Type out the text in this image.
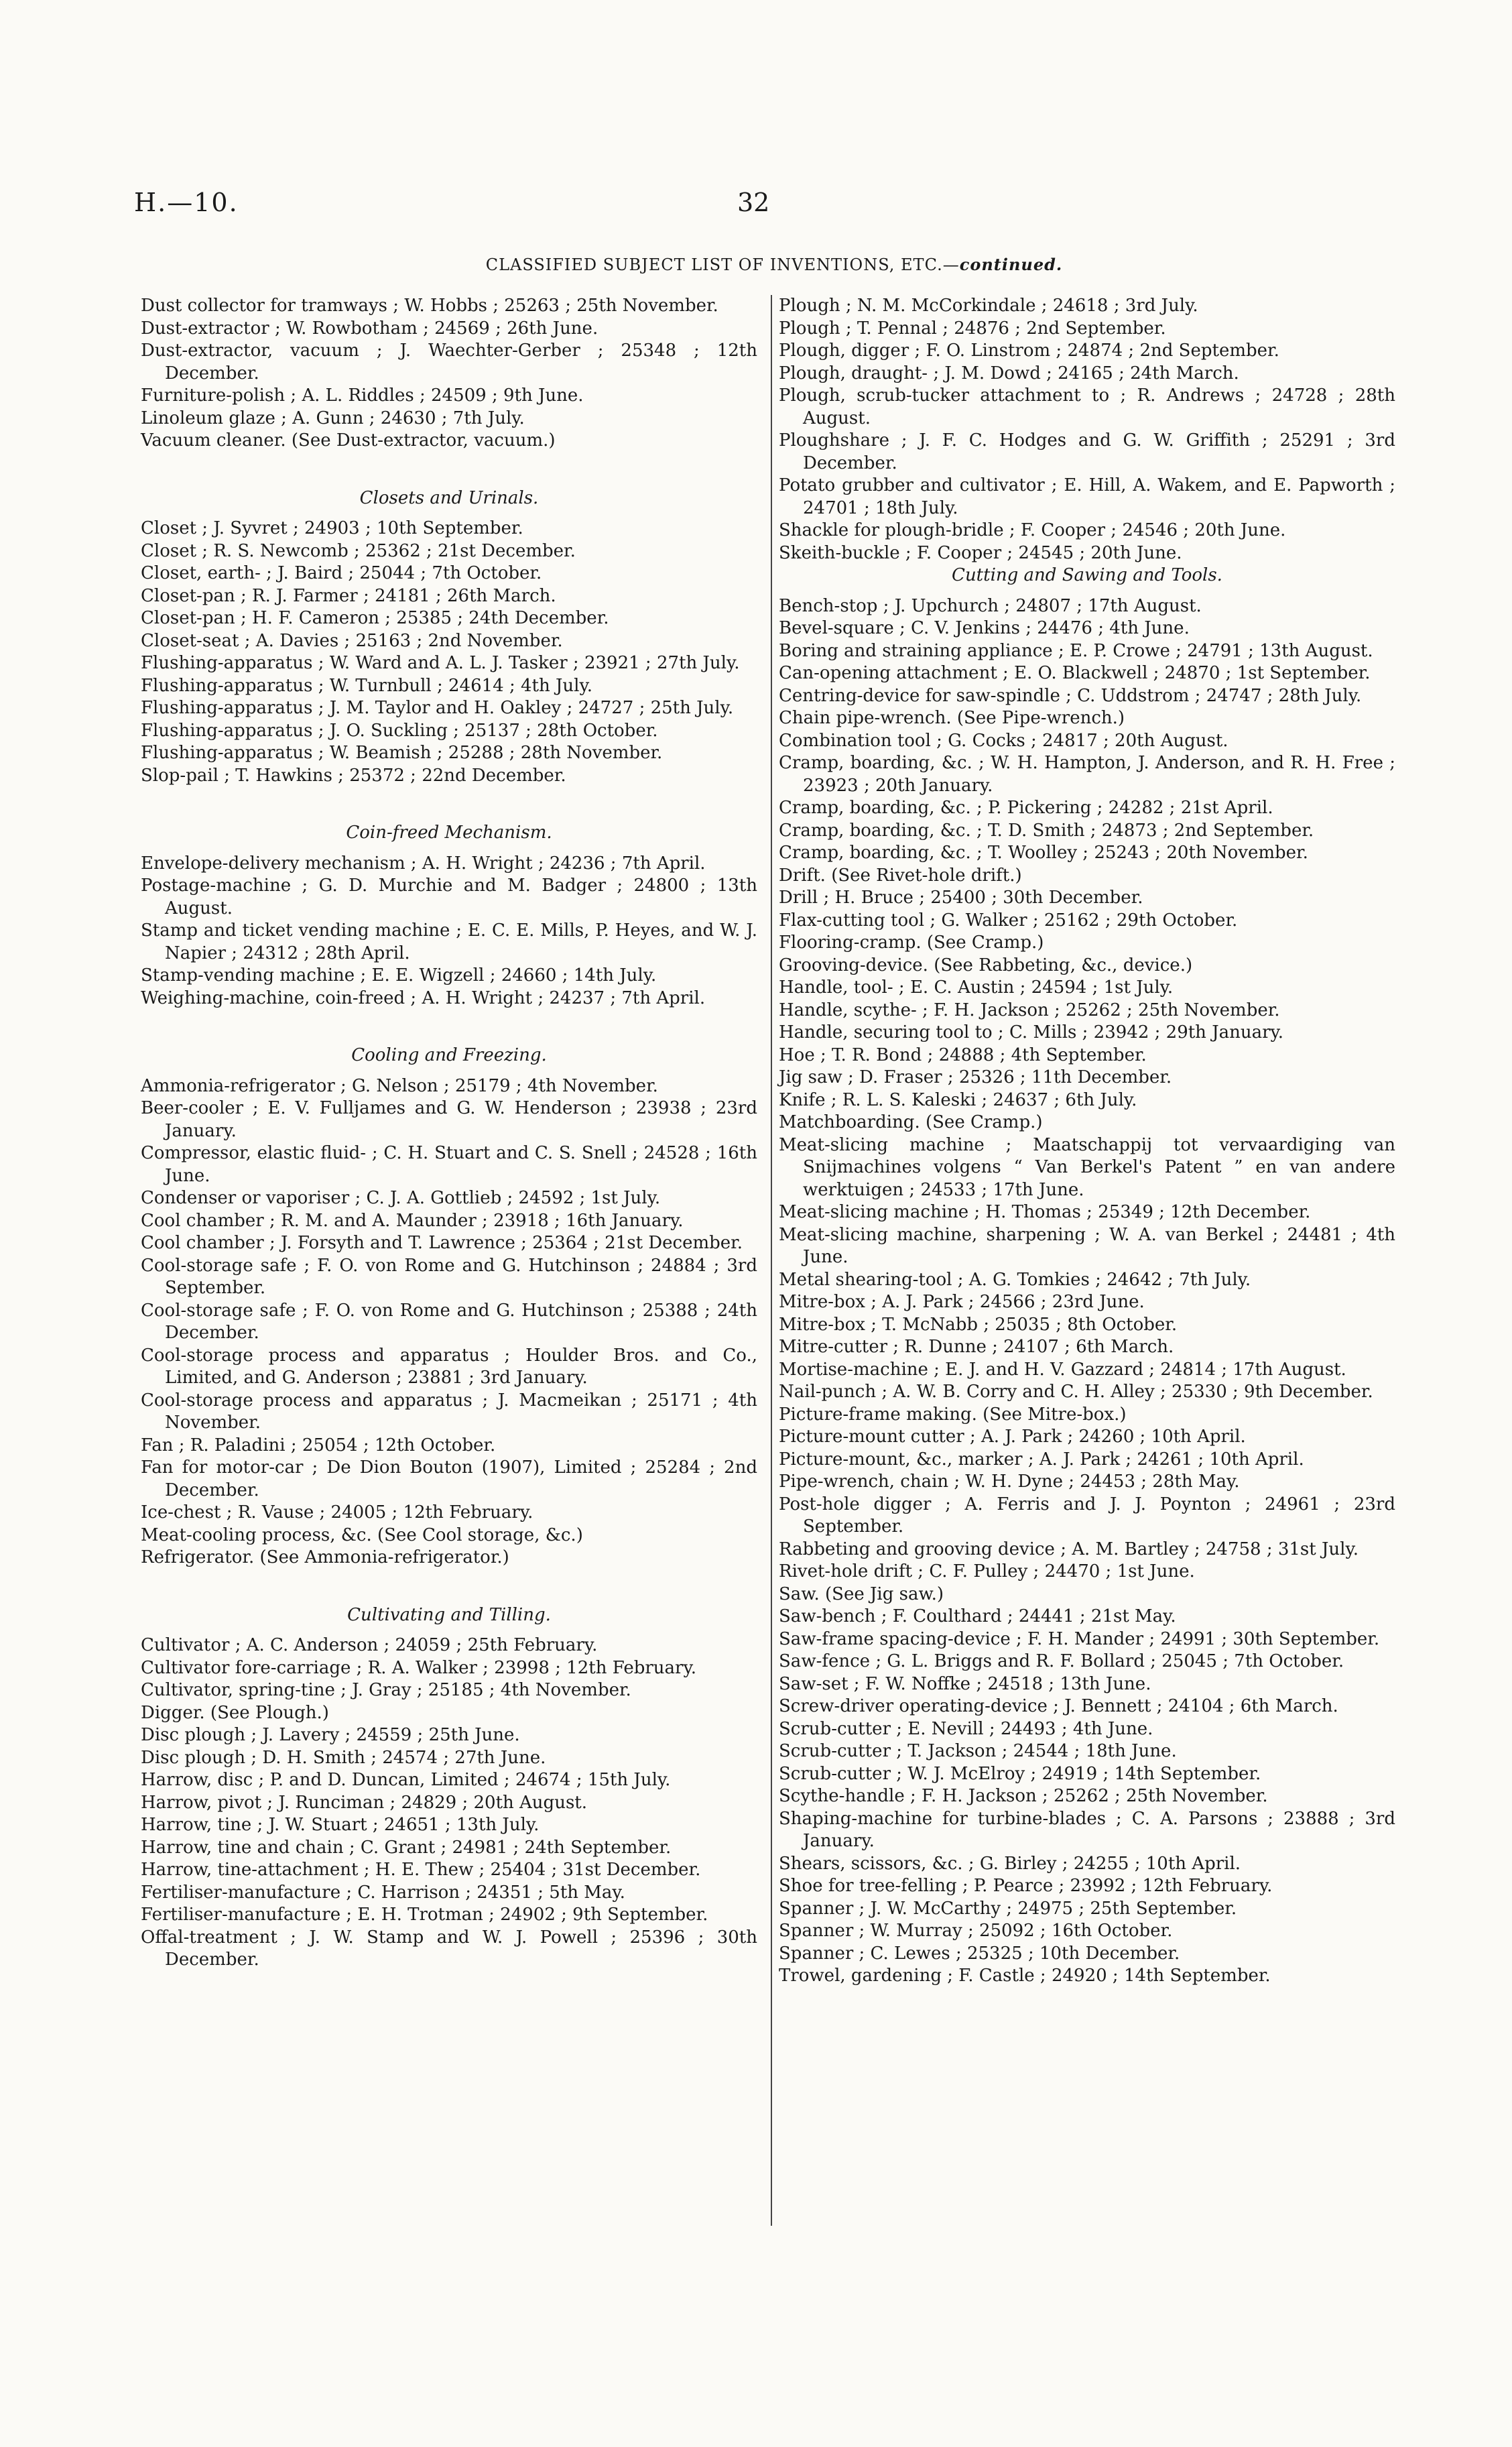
H.—10.	32
CLASSIFIED SUBJECT LIST OF INVENTIONS, ETC.—continued.
Dust collector for tramways ; W. Hobbs ; 25263 ; 25th November.
Dust-extractor ; W. Rowbotham ; 24569 ; 26th June.
Dust-extractor, vacuum ; J. Waechter-Gerber ; 25348 ; 12th December.
Furniture-polish ; A. L. Riddles ; 24509 ; 9th June.
Linoleum glaze ; A. Gunn ; 24630 ; 7th July.
Vacuum cleaner. (See Dust-extractor, vacuum.)
Closets and Urinals.
Closet ; J. Syvret ; 24903 ; 10th September.
Closet ; R. S. Newcomb ; 25362 ; 21st December.
Closet, earth- ; J. Baird ; 25044 ; 7th October.
Closet-pan ; R. J. Farmer ; 24181 ; 26th March.
Closet-pan ; H. F. Cameron ; 25385 ; 24th December.
Closet-seat ; A. Davies ; 25163 ; 2nd November.
Flushing-apparatus ; W. Ward and A. L. J. Tasker ; 23921 ; 27th July.
Flushing-apparatus ; W. Turnbull ; 24614 ; 4th July.
Flushing-apparatus ; J. M. Taylor and H. Oakley ; 24727 ; 25th July.
Flushing-apparatus ; J. O. Suckling ; 25137 ; 28th October.
Flushing-apparatus ; W. Beamish ; 25288 ; 28th November.
Slop-pail ; T. Hawkins ; 25372 ; 22nd December.
Coin-freed Mechanism.
Envelope-delivery mechanism ; A. H. Wright ; 24236 ; 7th April.
Postage-machine ; G. D. Murchie and M. Badger ; 24800 ; 13th August.
Stamp and ticket vending machine ; E. C. E. Mills, P. Heyes, and W. J. Napier ; 24312 ; 28th April.
Stamp-vending machine ; E. E. Wigzell ; 24660 ; 14th July.
Weighing-machine, coin-freed ; A. H. Wright ; 24237 ; 7th April.
Cooling and Freezing.
Ammonia-refrigerator ; G. Nelson ; 25179 ; 4th November.
Beer-cooler ; E. V. Fulljames and G. W. Henderson ; 23938 ; 23rd January.
Compressor, elastic fluid- ; C. H. Stuart and C. S. Snell ; 24528 ; 16th June.
Condenser or vaporiser ; C. J. A. Gottlieb ; 24592 ; 1st July.
Cool chamber ; R. M. and A. Maunder ; 23918 ; 16th January.
Cool chamber ; J. Forsyth and T. Lawrence ; 25364 ; 21st December.
Cool-storage safe ; F. O. von Rome and G. Hutchinson ; 24884 ; 3rd September.
Cool-storage safe ; F. O. von Rome and G. Hutchinson ; 25388 ; 24th December.
Cool-storage process and apparatus ; Houlder Bros. and Co., Limited, and G. Anderson ; 23881 ; 3rd January.
Cool-storage process and apparatus ; J. Macmeikan ; 25171 ; 4th November.
Fan ; R. Paladini ; 25054 ; 12th October.
Fan for motor-car ; De Dion Bouton (1907), Limited ; 25284 ; 2nd December.
Ice-chest ; R. Vause ; 24005 ; 12th February.
Meat-cooling process, &c. (See Cool storage, &c.)
Refrigerator. (See Ammonia-refrigerator.)
Cultivating and Tilling.
Cultivator ; A. C. Anderson ; 24059 ; 25th February.
Cultivator fore-carriage ; R. A. Walker ; 23998 ; 12th February.
Cultivator, spring-tine ; J. Gray ; 25185 ; 4th November.
Digger. (See Plough.)
Disc plough ; J. Lavery ; 24559 ; 25th June.
Disc plough ; D. H. Smith ; 24574 ; 27th June.
Harrow, disc ; P. and D. Duncan, Limited ; 24674 ; 15th July.
Harrow, pivot ; J. Runciman ; 24829 ; 20th August.
Harrow, tine ; J. W. Stuart ; 24651 ; 13th July.
Harrow, tine and chain ; C. Grant ; 24981 ; 24th September.
Harrow, tine-attachment ; H. E. Thew ; 25404 ; 31st December.
Fertiliser-manufacture ; C. Harrison ; 24351 ; 5th May.
Fertiliser-manufacture ; E. H. Trotman ; 24902 ; 9th September.
Offal-treatment ; J. W. Stamp and W. J. Powell ; 25396 ; 30th December.
Plough ; N. M. McCorkindale ; 24618 ; 3rd July.
Plough ; T. Pennal ; 24876 ; 2nd September.
Plough, digger ; F. O. Linstrom ; 24874 ; 2nd September.
Plough, draught- ; J. M. Dowd ; 24165 ; 24th March.
Plough, scrub-tucker attachment to ; R. Andrews ; 24728 ; 28th August.
Ploughshare ; J. F. C. Hodges and G. W. Griffith ; 25291 ; 3rd December.
Potato grubber and cultivator ; E. Hill, A. Wakem, and E. Papworth ; 24701 ; 18th July.
Shackle for plough-bridle ; F. Cooper ; 24546 ; 20th June.
Skeith-buckle ; F. Cooper ; 24545 ; 20th June.
Cutting and Sawing and Tools.
Bench-stop ; J. Upchurch ; 24807 ; 17th August.
Bevel-square ; C. V. Jenkins ; 24476 ; 4th June.
Boring and straining appliance ; E. P. Crowe ; 24791 ; 13th August.
Can-opening attachment ; E. O. Blackwell ; 24870 ; 1st September.
Centring-device for saw-spindle ; C. Uddstrom ; 24747 ; 28th July.
Chain pipe-wrench. (See Pipe-wrench.)
Combination tool ; G. Cocks ; 24817 ; 20th August.
Cramp, boarding, &c. ; W. H. Hampton, J. Anderson, and R. H. Free ; 23923 ; 20th January.
Cramp, boarding, &c. ; P. Pickering ; 24282 ; 21st April.
Cramp, boarding, &c. ; T. D. Smith ; 24873 ; 2nd September.
Cramp, boarding, &c. ; T. Woolley ; 25243 ; 20th November.
Drift. (See Rivet-hole drift.)
Drill ; H. Bruce ; 25400 ; 30th December.
Flax-cutting tool ; G. Walker ; 25162 ; 29th October.
Flooring-cramp. (See Cramp.)
Grooving-device. (See Rabbeting, &c., device.)
Handle, tool- ; E. C. Austin ; 24594 ; 1st July.
Handle, scythe- ; F. H. Jackson ; 25262 ; 25th November.
Handle, securing tool to ; C. Mills ; 23942 ; 29th January.
Hoe ; T. R. Bond ; 24888 ; 4th September.
Jig saw ; D. Fraser ; 25326 ; 11th December.
Knife ; R. L. S. Kaleski ; 24637 ; 6th July.
Matchboarding. (See Cramp.)
Meat-slicing machine ; Maatschappij tot vervaardiging van Snijmachines volgens “ Van Berkel's Patent ” en van andere werktuigen ; 24533 ; 17th June.
Meat-slicing machine ; H. Thomas ; 25349 ; 12th December.
Meat-slicing machine, sharpening ; W. A. van Berkel ; 24481 ; 4th June.
Metal shearing-tool ; A. G. Tomkies ; 24642 ; 7th July.
Mitre-box ; A. J. Park ; 24566 ; 23rd June.
Mitre-box ; T. McNabb ; 25035 ; 8th October.
Mitre-cutter ; R. Dunne ; 24107 ; 6th March.
Mortise-machine ; E. J. and H. V. Gazzard ; 24814 ; 17th August.
Nail-punch ; A. W. B. Corry and C. H. Alley ; 25330 ; 9th December.
Picture-frame making. (See Mitre-box.)
Picture-mount cutter ; A. J. Park ; 24260 ; 10th April.
Picture-mount, &c., marker ; A. J. Park ; 24261 ; 10th April.
Pipe-wrench, chain ; W. H. Dyne ; 24453 ; 28th May.
Post-hole digger ; A. Ferris and J. J. Poynton ; 24961 ; 23rd September.
Rabbeting and grooving device ; A. M. Bartley ; 24758 ; 31st July.
Rivet-hole drift ; C. F. Pulley ; 24470 ; 1st June.
Saw. (See Jig saw.)
Saw-bench ; F. Coulthard ; 24441 ; 21st May.
Saw-frame spacing-device ; F. H. Mander ; 24991 ; 30th September.
Saw-fence ; G. L. Briggs and R. F. Bollard ; 25045 ; 7th October.
Saw-set ; F. W. Noffke ; 24518 ; 13th June.
Screw-driver operating-device ; J. Bennett ; 24104 ; 6th March.
Scrub-cutter ; E. Nevill ; 24493 ; 4th June.
Scrub-cutter ; T. Jackson ; 24544 ; 18th June.
Scrub-cutter ; W. J. McElroy ; 24919 ; 14th September.
Scythe-handle ; F. H. Jackson ; 25262 ; 25th November.
Shaping-machine for turbine-blades ; C. A. Parsons ; 23888 ; 3rd January.
Shears, scissors, &c. ; G. Birley ; 24255 ; 10th April.
Shoe for tree-felling ; P. Pearce ; 23992 ; 12th February.
Spanner ; J. W. McCarthy ; 24975 ; 25th September.
Spanner ; W. Murray ; 25092 ; 16th October.
Spanner ; C. Lewes ; 25325 ; 10th December.
Trowel, gardening ; F. Castle ; 24920 ; 14th September.
